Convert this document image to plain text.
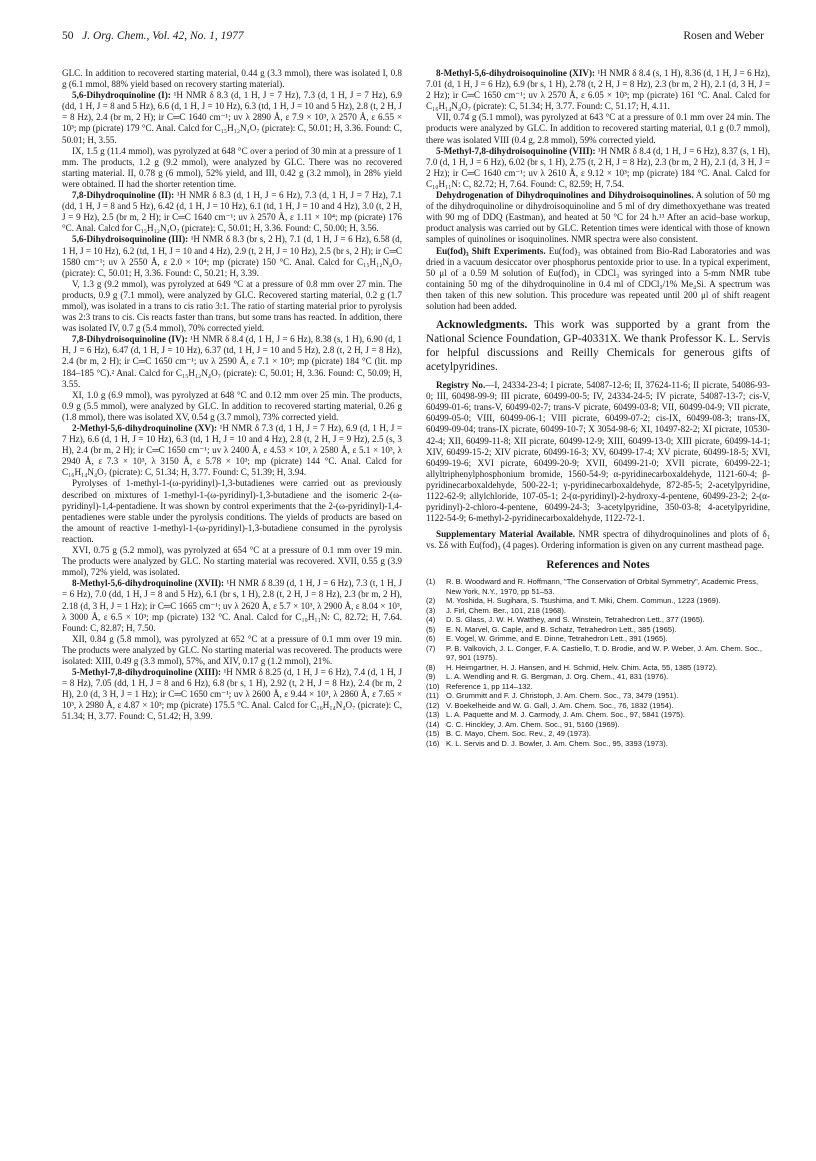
50 J. Org. Chem., Vol. 42, No. 1, 1977	Rosen and Weber

GLC. In addition to recovered starting material, 0.44 g (3.3 mmol), there was isolated I, 0.8 g (6.1 mmol, 88% yield based on recovery starting material).

5,6-Dihydroquinoline (I): ¹H NMR δ 8.3 (d, 1 H, J = 7 Hz), 7.3 (d, 1 H, J = 7 Hz), 6.9 (dd, 1 H, J = 8 and 5 Hz), 6.6 (d, 1 H, J = 10 Hz), 6.3 (td, 1 H, J = 10 and 5 Hz), 2.8 (t, 2 H, J = 8 Hz), 2.4 (br m, 2 H); ir C═C 1640 cm⁻¹; uv λ 2890 Å, ε 7.9 × 10³, λ 2570 Å, ε 6.55 × 10³; mp (picrate) 179 °C. Anal. Calcd for C₁₅H₁₂N₄O₇ (picrate): C, 50.01; H, 3.36. Found: C, 50.01; H, 3.55.

IX, 1.5 g (11.4 mmol), was pyrolyzed at 648 °C over a period of 30 min at a pressure of 1 mm. The products, 1.2 g (9.2 mmol), were analyzed by GLC. There was no recovered starting material. II, 0.78 g (6 mmol), 52% yield, and III, 0.42 g (3.2 mmol), in 28% yield were obtained. II had the shorter retention time.

7,8-Dihydroquinoline (II): ¹H NMR δ 8.3 (d, 1 H, J = 6 Hz), 7.3 (d, 1 H, J = 7 Hz), 7.1 (dd, 1 H, J = 8 and 5 Hz), 6.42 (d, 1 H, J = 10 Hz), 6.1 (td, 1 H, J = 10 and 4 Hz), 3.0 (t, 2 H, J = 9 Hz), 2.5 (br m, 2 H); ir C═C 1640 cm⁻¹; uv λ 2570 Å, ε 1.11 × 10⁴; mp (picrate) 176 °C. Anal. Calcd for C₁₅H₁₂N₄O₇ (picrate): C, 50.01; H, 3.36. Found: C, 50.00; H, 3.56.

5,6-Dihydroisoquinoline (III): ¹H NMR δ 8.3 (br s, 2 H), 7.1 (d, 1 H, J = 6 Hz), 6.58 (d, 1 H, J = 10 Hz), 6.2 (td, 1 H, J = 10 and 4 Hz), 2.9 (t, 2 H, J = 10 Hz), 2.5 (br s, 2 H); ir C═C 1580 cm⁻¹; uv λ 2550 Å, ε 2.0 × 10⁴; mp (picrate) 150 °C. Anal. Calcd for C₁₅H₁₂N₄O₇ (picrate): C, 50.01; H, 3.36. Found: C, 50.21; H, 3.39.

V, 1.3 g (9.2 mmol), was pyrolyzed at 649 °C at a pressure of 0.8 mm over 27 min. The products, 0.9 g (7.1 mmol), were analyzed by GLC. Recovered starting material, 0.2 g (1.7 mmol), was isolated in a trans to cis ratio 3:1. The ratio of starting material prior to pyrolysis was 2:3 trans to cis. Cis reacts faster than trans, but some trans has reacted. In addition, there was isolated IV, 0.7 g (5.4 mmol), 70% corrected yield.

7,8-Dihydroisoquinoline (IV): ¹H NMR δ 8.4 (d, 1 H, J = 6 Hz), 8.38 (s, 1 H), 6.90 (d, 1 H, J = 6 Hz), 6.47 (d, 1 H, J = 10 Hz), 6.37 (td, 1 H, J = 10 and 5 Hz), 2.8 (t, 2 H, J = 8 Hz), 2.4 (br m, 2 H); ir C═C 1650 cm⁻¹; uv λ 2590 Å, ε 7.1 × 10³; mp (picrate) 184 °C (lit. mp 184–185 °C).² Anal. Calcd for C₁₅H₁₂N₄O₇ (picrate): C, 50.01; H, 3.36. Found: C, 50.09; H, 3.55.

XI, 1.0 g (6.9 mmol), was pyrolyzed at 648 °C and 0.12 mm over 25 min. The products, 0.9 g (5.5 mmol), were analyzed by GLC. In addition to recovered starting material, 0.26 g (1.8 mmol), there was isolated XV, 0.54 g (3.7 mmol), 73% corrected yield.

2-Methyl-5,6-dihydroquinoline (XV): ¹H NMR δ 7.3 (d, 1 H, J = 7 Hz), 6.9 (d, 1 H, J = 7 Hz), 6.6 (d, 1 H, J = 10 Hz), 6.3 (td, 1 H, J = 10 and 4 Hz), 2.8 (t, 2 H, J = 9 Hz), 2.5 (s, 3 H), 2.4 (br m, 2 H); ir C═C 1650 cm⁻¹; uv λ 2400 Å, ε 4.53 × 10³, λ 2580 Å, ε 5.1 × 10³, λ 2940 Å, ε 7.3 × 10³, λ 3150 Å, ε 5.78 × 10³; mp (picrate) 144 °C. Anal. Calcd for C₁₆H₁₄N₄O₇ (picrate): C, 51.34; H, 3.77. Found: C, 51.39; H, 3.94.

Pyrolyses of 1-methyl-1-(ω-pyridinyl)-1,3-butadienes were carried out as previously described on mixtures of 1-methyl-1-(ω-pyridinyl)-1,3-butadiene and the isomeric 2-(ω-pyridinyl)-1,4-pentadiene. It was shown by control experiments that the 2-(ω-pyridinyl)-1,4-pentadienes were stable under the pyrolysis conditions. The yields of products are based on the amount of reactive 1-methyl-1-(ω-pyridinyl)-1,3-butadiene consumed in the pyrolysis reaction.

XVI, 0.75 g (5.2 mmol), was pyrolyzed at 654 °C at a pressure of 0.1 mm over 19 min. The products were analyzed by GLC. No starting material was recovered. XVII, 0.55 g (3.9 mmol), 72% yield, was isolated.

8-Methyl-5,6-dihydroquinoline (XVII): ¹H NMR δ 8.39 (d, 1 H, J = 6 Hz), 7.3 (t, 1 H, J = 6 Hz), 7.0 (dd, 1 H, J = 8 and 5 Hz), 6.1 (br s, 1 H), 2.8 (t, 2 H, J = 8 Hz), 2.3 (br m, 2 H), 2.18 (d, 3 H, J = 1 Hz); ir C═C 1665 cm⁻¹; uv λ 2620 Å, ε 5.7 × 10³, λ 2900 Å, ε 8.04 × 10³, λ 3000 Å, ε 6.5 × 10³; mp (picrate) 132 °C. Anal. Calcd for C₁₀H₁₁N: C, 82.72; H, 7.64. Found: C, 82.87; H, 7.50.

XII, 0.84 g (5.8 mmol), was pyrolyzed at 652 °C at a pressure of 0.1 mm over 19 min. The products were analyzed by GLC. No starting material was recovered. The products were isolated: XIII, 0.49 g (3.3 mmol), 57%, and XIV, 0.17 g (1.2 mmol), 21%.

5-Methyl-7,8-dihydroquinoline (XIII): ¹H NMR δ 8.25 (d, 1 H, J = 6 Hz), 7.4 (d, 1 H, J = 8 Hz), 7.05 (dd, 1 H, J = 8 and 6 Hz), 6.8 (br s, 1 H), 2.92 (t, 2 H, J = 8 Hz), 2.4 (br m, 2 H), 2.0 (d, 3 H, J = 1 Hz); ir C═C 1650 cm⁻¹; uv λ 2600 Å, ε 9.44 × 10³, λ 2860 Å, ε 7.65 × 10³, λ 2980 Å, ε 4.87 × 10³; mp (picrate) 175.5 °C. Anal. Calcd for C₁₆H₁₄N₄O₇ (picrate): C, 51.34; H, 3.77. Found: C, 51.42; H, 3.99.

8-Methyl-5,6-dihydroisoquinoline (XIV): ¹H NMR δ 8.4 (s, 1 H), 8.36 (d, 1 H, J = 6 Hz), 7.01 (d, 1 H, J = 6 Hz), 6.9 (br s, 1 H), 2.78 (t, 2 H, J = 8 Hz), 2.3 (br m, 2 H), 2.1 (d, 3 H, J = 2 Hz); ir C═C 1650 cm⁻¹; uv λ 2570 Å, ε 6.05 × 10³; mp (picrate) 161 °C. Anal. Calcd for C₁₆H₁₄N₄O₇ (picrate): C, 51.34; H, 3.77. Found: C, 51.17; H, 4.11.

VII, 0.74 g (5.1 mmol), was pyrolyzed at 643 °C at a pressure of 0.1 mm over 24 min. The products were analyzed by GLC. In addition to recovered starting material, 0.1 g (0.7 mmol), there was isolated VIII (0.4 g, 2.8 mmol), 59% corrected yield.

5-Methyl-7,8-dihydroisoquinoline (VIII): ¹H NMR δ 8.4 (d, 1 H, J = 6 Hz), 8.37 (s, 1 H), 7.0 (d, 1 H, J = 6 Hz), 6.02 (br s, 1 H), 2.75 (t, 2 H, J = 8 Hz), 2.3 (br m, 2 H), 2.1 (d, 3 H, J = 2 Hz); ir C═C 1640 cm⁻¹; uv λ 2610 Å, ε 9.12 × 10³; mp (picrate) 184 °C. Anal. Calcd for C₁₀H₁₁N: C, 82.72; H, 7.64. Found: C, 82.59; H, 7.54.

Dehydrogenation of Dihydroquinolines and Dihydroisoquinolines. A solution of 50 mg of the dihydroquinoline or dihydroisoquinoline and 5 ml of dry dimethoxyethane was treated with 90 mg of DDQ (Eastman), and heated at 50 °C for 24 h.¹³ After an acid–base workup, product analysis was carried out by GLC. Retention times were identical with those of known samples of quinolines or isoquinolines. NMR spectra were also consistent.

Eu(fod)₃ Shift Experiments. Eu(fod)₃ was obtained from Bio-Rad Laboratories and was dried in a vacuum desiccator over phosphorus pentoxide prior to use. In a typical experiment, 50 μl of a 0.59 M solution of Eu(fod)₃ in CDCl₃ was syringed into a 5-mm NMR tube containing 50 mg of the dihydroquinoline in 0.4 ml of CDCl₃/1% Me₄Si. A spectrum was then taken of this new solution. This procedure was repeated until 200 μl of shift reagent solution had been added.

Acknowledgments. This work was supported by a grant from the National Science Foundation, GP-40331X. We thank Professor K. L. Servis for helpful discussions and Reilly Chemicals for generous gifts of acetylpyridines.

Registry No.—I, 24334-23-4; I picrate, 54087-12-6; II, 37624-11-6; II picrate, 54086-93-0; III, 60498-99-9; III picrate, 60499-00-5; IV, 24334-24-5; IV picrate, 54087-13-7; cis-V, 60499-01-6; trans-V, 60499-02-7; trans-V picrate, 60499-03-8; VII, 60499-04-9; VII picrate, 60499-05-0; VIII, 60499-06-1; VIII picrate, 60499-07-2; cis-IX, 60499-08-3; trans-IX, 60499-09-04; trans-IX picrate, 60499-10-7; X 3054-98-6; XI, 10497-82-2; XI picrate, 10530-42-4; XII, 60499-11-8; XII picrate, 60499-12-9; XIII, 60499-13-0; XIII picrate, 60499-14-1; XIV, 60499-15-2; XIV picrate, 60499-16-3; XV, 60499-17-4; XV picrate, 60499-18-5; XVI, 60499-19-6; XVI picrate, 60499-20-9; XVII, 60499-21-0; XVII picrate, 60499-22-1; allyltriphenylphosphonium bromide, 1560-54-9; α-pyridinecarboxaldehyde, 1121-60-4; β-pyridinecarboxaldehyde, 500-22-1; γ-pyridinecarboxaldehyde, 872-85-5; 2-acetylpyridine, 1122-62-9; allylchloride, 107-05-1; 2-(α-pyridinyl)-2-hydroxy-4-pentene, 60499-23-2; 2-(α-pyridinyl)-2-chloro-4-pentene, 60499-24-3; 3-acetylpyridine, 350-03-8; 4-acetylpyridine, 1122-54-9; 6-methyl-2-pyridinecarboxaldehyde, 1122-72-1.

Supplementary Material Available. NMR spectra of dihydroquinolines and plots of δ₁ vs. Σδ with Eu(fod)₃ (4 pages). Ordering information is given on any current masthead page.

References and Notes
(1)	R. B. Woodward and R. Hoffmann, "The Conservation of Orbital Symmetry", Academic Press, New York, N.Y., 1970, pp 51–53.
(2)	M. Yoshida, H. Sugihara, S. Tsushima, and T. Miki, Chem. Commun., 1223 (1969).
(3)	J. Firl, Chem. Ber., 101, 218 (1968).
(4)	D. S. Glass, J. W. H. Watthey, and S. Winstein, Tetrahedron Lett., 377 (1965).
(5)	E. N. Marvel, G. Caple, and B. Schatz, Tetrahedron Lett., 385 (1965).
(6)	E. Vogel, W. Grimme, and E. Dinne, Tetrahedron Lett., 391 (1965).
(7)	P. B. Valkovich, J. L. Conger, F. A. Castiello, T. D. Brodie, and W. P. Weber, J. Am. Chem. Soc., 97, 901 (1975).
(8)	H. Heimgartner, H. J. Hansen, and H. Schmid, Helv. Chim. Acta, 55, 1385 (1972).
(9)	L. A. Wendling and R. G. Bergman, J. Org. Chem., 41, 831 (1976).
(10) Reference 1, pp 114–132.
(11) O. Grummitt and F. J. Christoph, J. Am. Chem. Soc., 73, 3479 (1951).
(12) V. Boekelheide and W. G. Gall, J. Am. Chem. Soc., 76, 1832 (1954).
(13) L. A. Paquette and M. J. Carmody, J. Am. Chem. Soc., 97, 5841 (1975).
(14) C. C. Hinckley, J. Am. Chem. Soc., 91, 5160 (1969).
(15) B. C. Mayo, Chem. Soc. Rev., 2, 49 (1973).
(16) K. L. Servis and D. J. Bowler, J. Am. Chem. Soc., 95, 3393 (1973).
